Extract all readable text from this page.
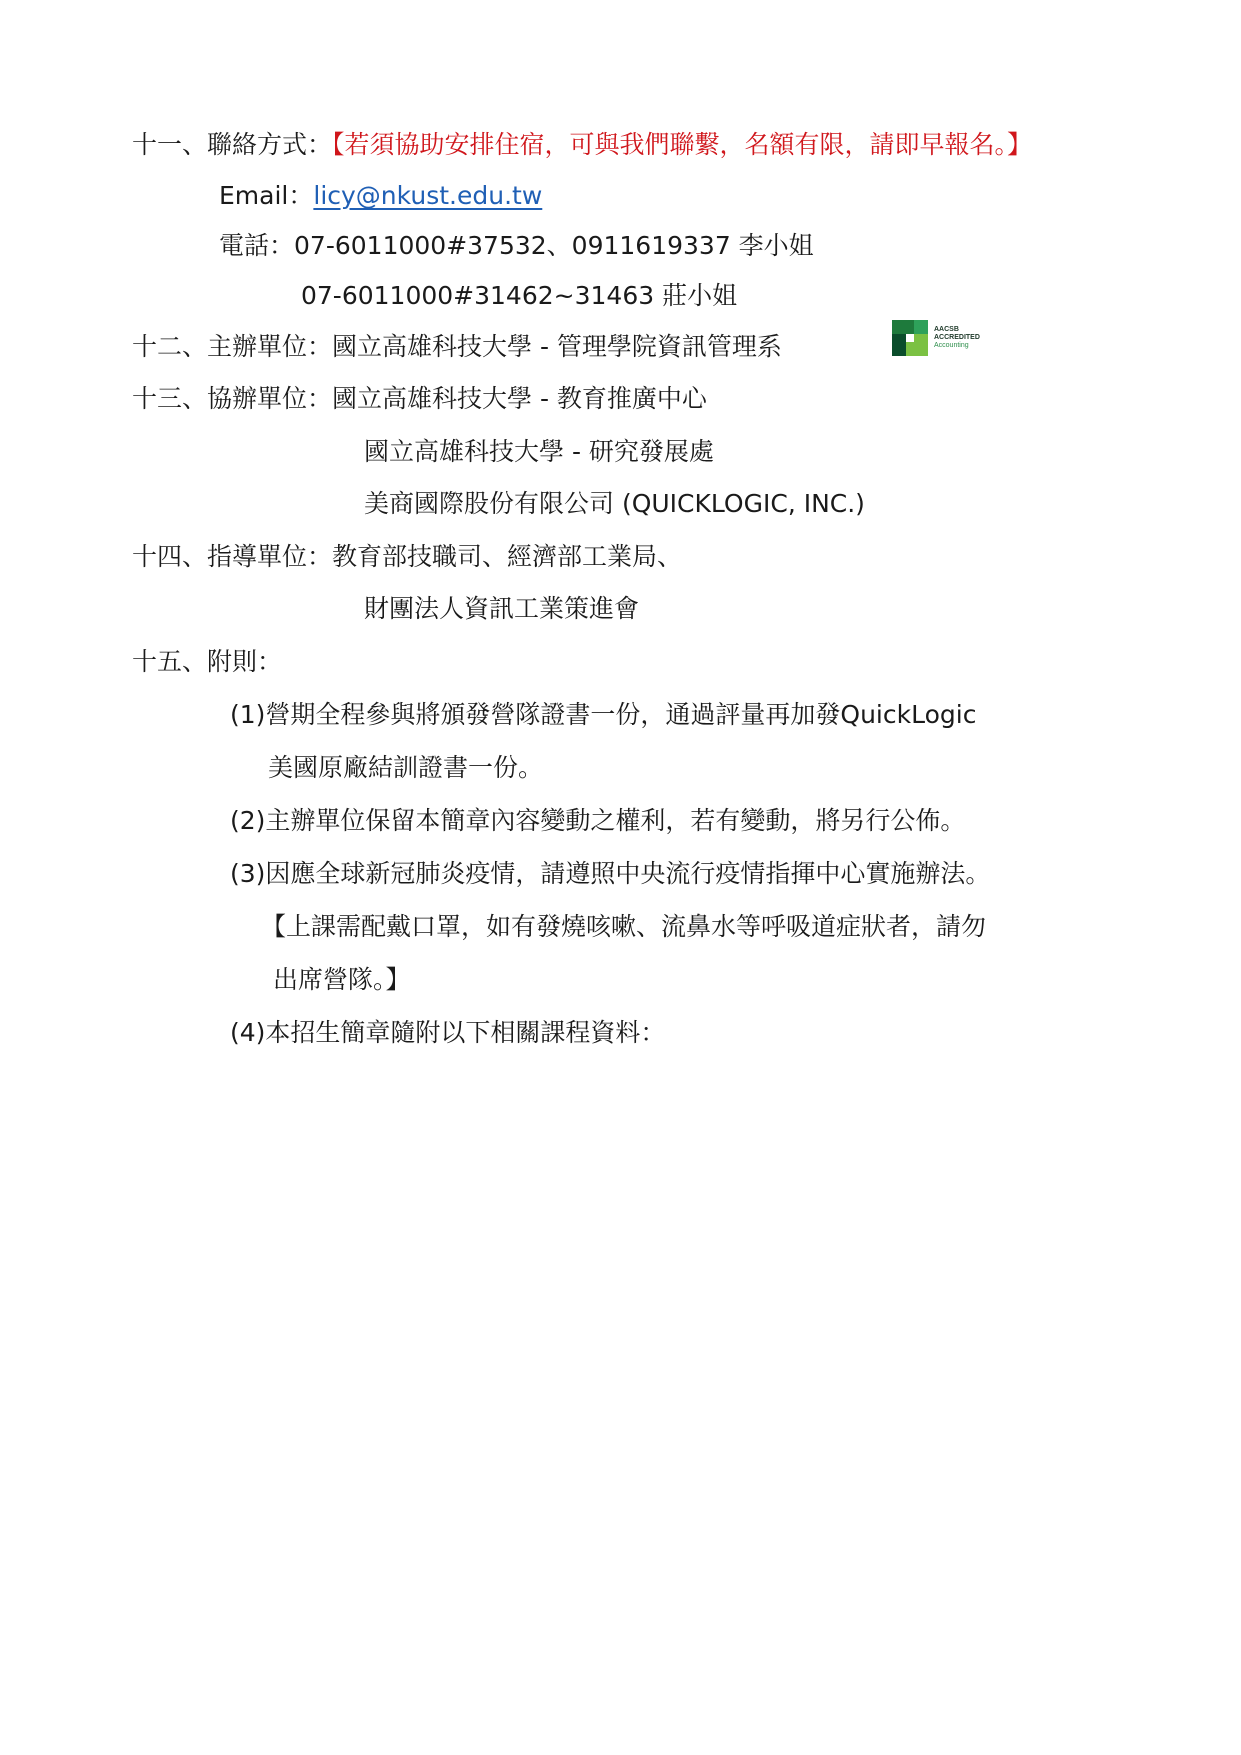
十一、聯絡方式：【若須協助安排住宿，可與我們聯繫，名額有限，請即早報名。】
Email：licy@nkust.edu.tw
電話：07-6011000#37532、0911619337 李小姐
07-6011000#31462~31463 莊小姐
十二、主辦單位：國立高雄科技大學 - 管理學院資訊管理系
AACSB
ACCREDITED
Accounting
十三、協辦單位：國立高雄科技大學 - 教育推廣中心
國立高雄科技大學 - 研究發展處
美商國際股份有限公司 (QUICKLOGIC, INC.)
十四、指導單位：教育部技職司、經濟部工業局、
財團法人資訊工業策進會
十五、附則：
(1)營期全程參與將頒發營隊證書一份，通過評量再加發QuickLogic
美國原廠結訓證書一份。
(2)主辦單位保留本簡章內容變動之權利，若有變動，將另行公佈。
(3)因應全球新冠肺炎疫情，請遵照中央流行疫情指揮中心實施辦法。
【上課需配戴口罩，如有發燒咳嗽、流鼻水等呼吸道症狀者，請勿
出席營隊。】
(4)本招生簡章隨附以下相關課程資料：
